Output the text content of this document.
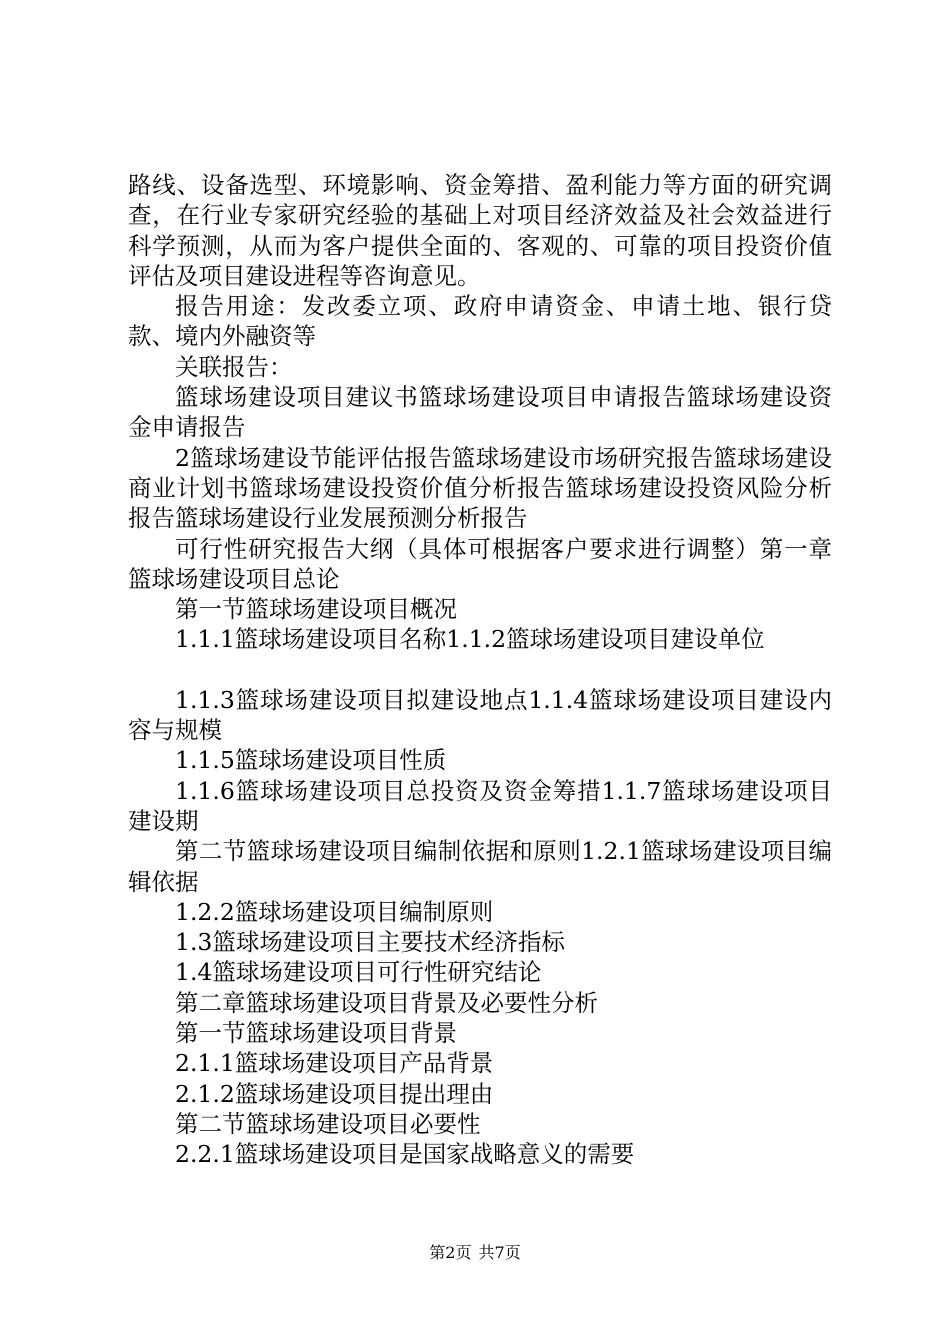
路线、设备选型、环境影响、资金筹措、盈利能力等方面的研究调查，在行业专家研究经验的基础上对项目经济效益及社会效益进行科学预测，从而为客户提供全面的、客观的、可靠的项目投资价值评估及项目建设进程等咨询意见。

报告用途：发改委立项、政府申请资金、申请土地、银行贷款、境内外融资等

关联报告：

篮球场建设项目建议书篮球场建设项目申请报告篮球场建设资金申请报告

2篮球场建设节能评估报告篮球场建设市场研究报告篮球场建设商业计划书篮球场建设投资价值分析报告篮球场建设投资风险分析报告篮球场建设行业发展预测分析报告

可行性研究报告大纲（具体可根据客户要求进行调整）第一章篮球场建设项目总论

第一节篮球场建设项目概况

1.1.1篮球场建设项目名称1.1.2篮球场建设项目建设单位

1.1.3篮球场建设项目拟建设地点1.1.4篮球场建设项目建设内容与规模

1.1.5篮球场建设项目性质

1.1.6篮球场建设项目总投资及资金筹措1.1.7篮球场建设项目建设期

第二节篮球场建设项目编制依据和原则1.2.1篮球场建设项目编辑依据

1.2.2篮球场建设项目编制原则

1.3篮球场建设项目主要技术经济指标

1.4篮球场建设项目可行性研究结论

第二章篮球场建设项目背景及必要性分析

第一节篮球场建设项目背景

2.1.1篮球场建设项目产品背景

2.1.2篮球场建设项目提出理由

第二节篮球场建设项目必要性

2.2.1篮球场建设项目是国家战略意义的需要

第2页 共7页
